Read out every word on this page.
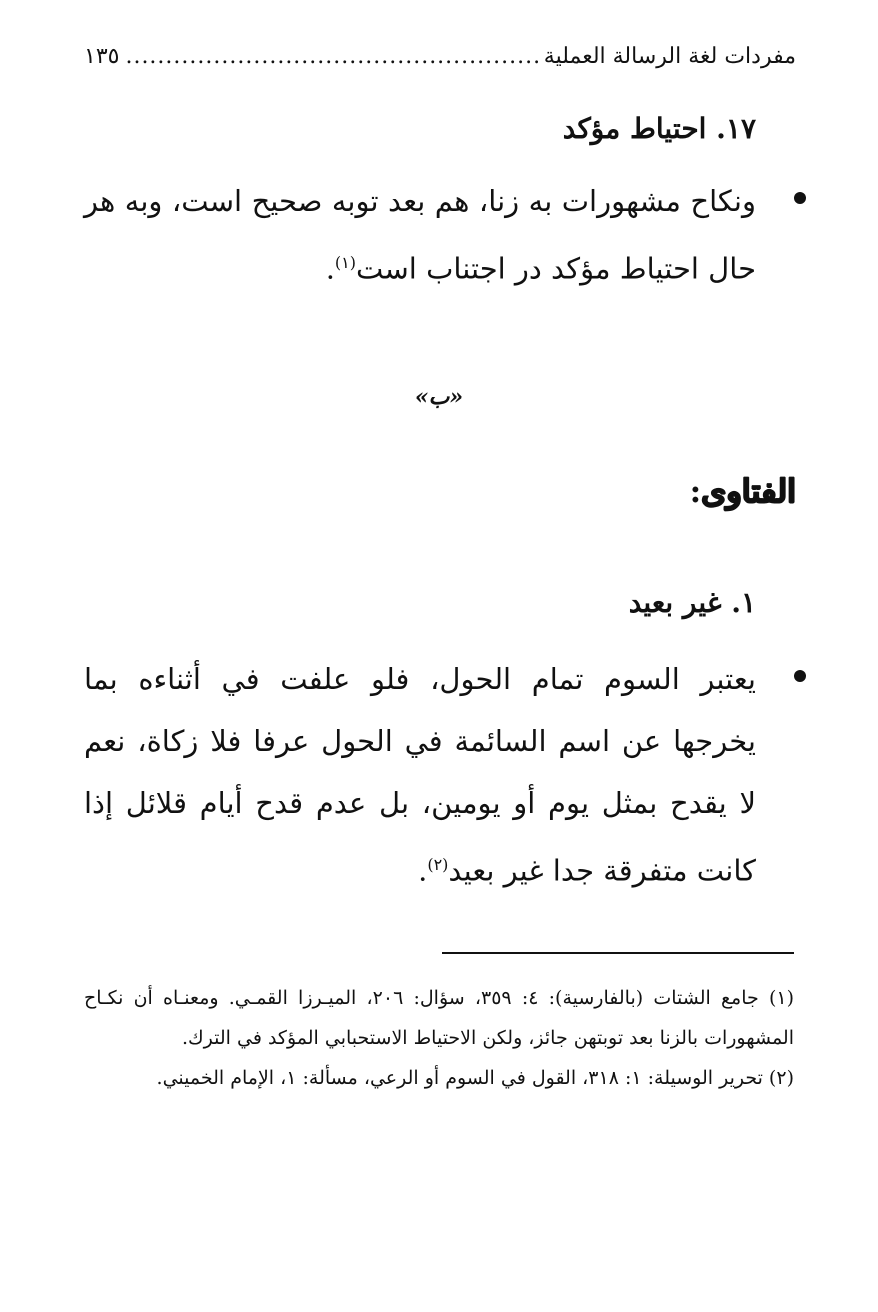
مفردات لغة الرسالة العملية
.....
١٣٥
١٧. احتياط مؤكد

ونكاح مشهورات به زنا، هم بعد توبه صحيح است، وبه هر حال احتياط مؤكد در اجتناب است$^{(١)}$.

«ب»
الفتاوى:
١. غير بعيد

يعتبر السوم تمام الحول، فلو علفت في أثناءه بما يخرجها عن اسم السائمة في الحول عرفا فلا زكاة، نعم لا يقدح بمثل يوم أو يومين، بل عدم قدح أيام قلائل إذا كانت متفرقة جدا غير بعيد$^{(٢)}$.

(١) جامع الشتات (بالفارسية): ٤: ٣٥٩، سؤال: ٢٠٦، الميـرزا القمـي. ومعنـاه أن نكـاح المشهورات بالزنا بعد توبتهن جائز، ولكن الاحتياط الاستحبابي المؤكد في الترك.

(٢) تحرير الوسيلة: ١: ٣١٨، القول في السوم أو الرعي، مسألة: ١، الإمام الخميني.
